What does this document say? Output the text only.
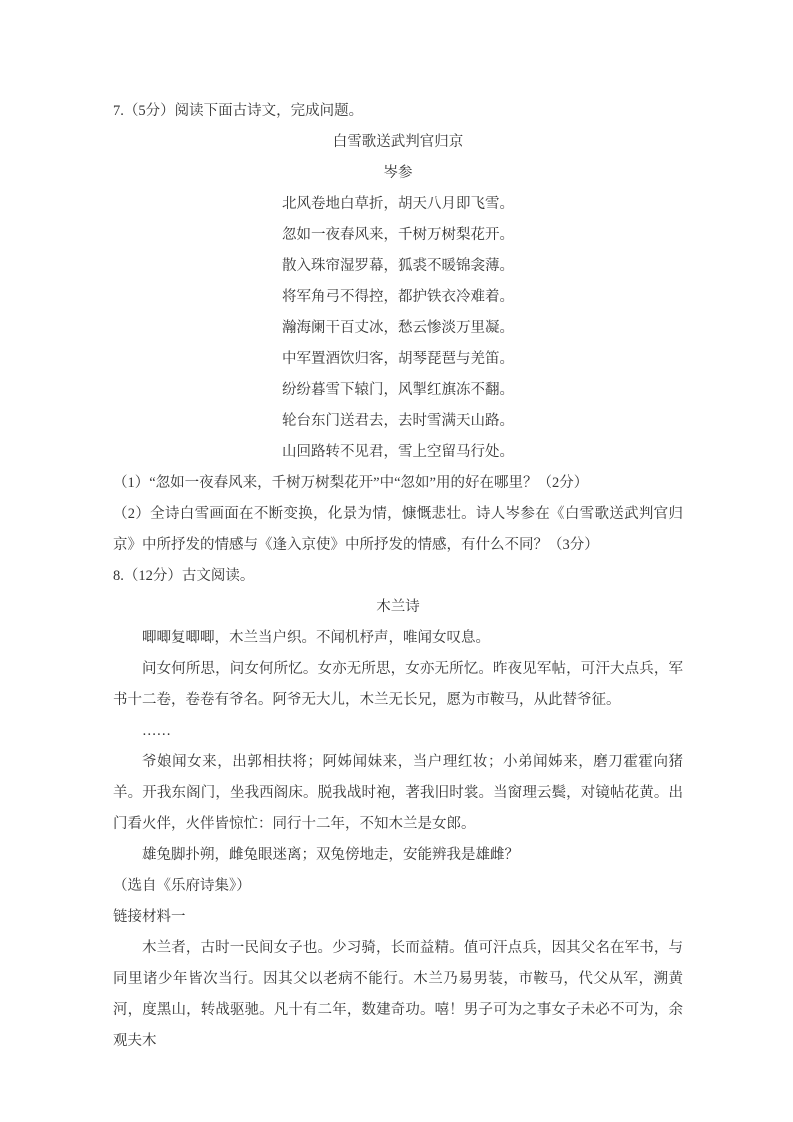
7.（5分）阅读下面古诗文，完成问题。

白雪歌送武判官归京

岑参

北风卷地白草折，胡天八月即飞雪。

忽如一夜春风来，千树万树梨花开。

散入珠帘湿罗幕，狐裘不暖锦衾薄。

将军角弓不得控，都护铁衣冷难着。

瀚海阑干百丈冰，愁云惨淡万里凝。

中军置酒饮归客，胡琴琵琶与羌笛。

纷纷暮雪下辕门，风掣红旗冻不翻。

轮台东门送君去，去时雪满天山路。

山回路转不见君，雪上空留马行处。

（1）“忽如一夜春风来，千树万树梨花开”中“忽如”用的好在哪里？（2分）

（2）全诗白雪画面在不断变换，化景为情，慷慨悲壮。诗人岑参在《白雪歌送武判官归京》中所抒发的情感与《逢入京使》中所抒发的情感，有什么不同？（3分）

8.（12分）古文阅读。

木兰诗

唧唧复唧唧，木兰当户织。不闻机杼声，唯闻女叹息。

问女何所思，问女何所忆。女亦无所思，女亦无所忆。昨夜见军帖，可汗大点兵，军书十二卷，卷卷有爷名。阿爷无大儿，木兰无长兄，愿为市鞍马，从此替爷征。

……

爷娘闻女来，出郭相扶将；阿姊闻妹来，当户理红妆；小弟闻姊来，磨刀霍霍向猪羊。开我东阁门，坐我西阁床。脱我战时袍，著我旧时裳。当窗理云鬓，对镜帖花黄。出门看火伴，火伴皆惊忙：同行十二年，不知木兰是女郎。

雄兔脚扑朔，雌兔眼迷离；双兔傍地走，安能辨我是雄雌？

（选自《乐府诗集》）

链接材料一

木兰者，古时一民间女子也。少习骑，长而益精。值可汗点兵，因其父名在军书，与同里诸少年皆次当行。因其父以老病不能行。木兰乃易男装，市鞍马，代父从军，溯黄河，度黑山，转战驱驰。凡十有二年，数建奇功。嘻！男子可为之事女子未必不可为，余观夫木
